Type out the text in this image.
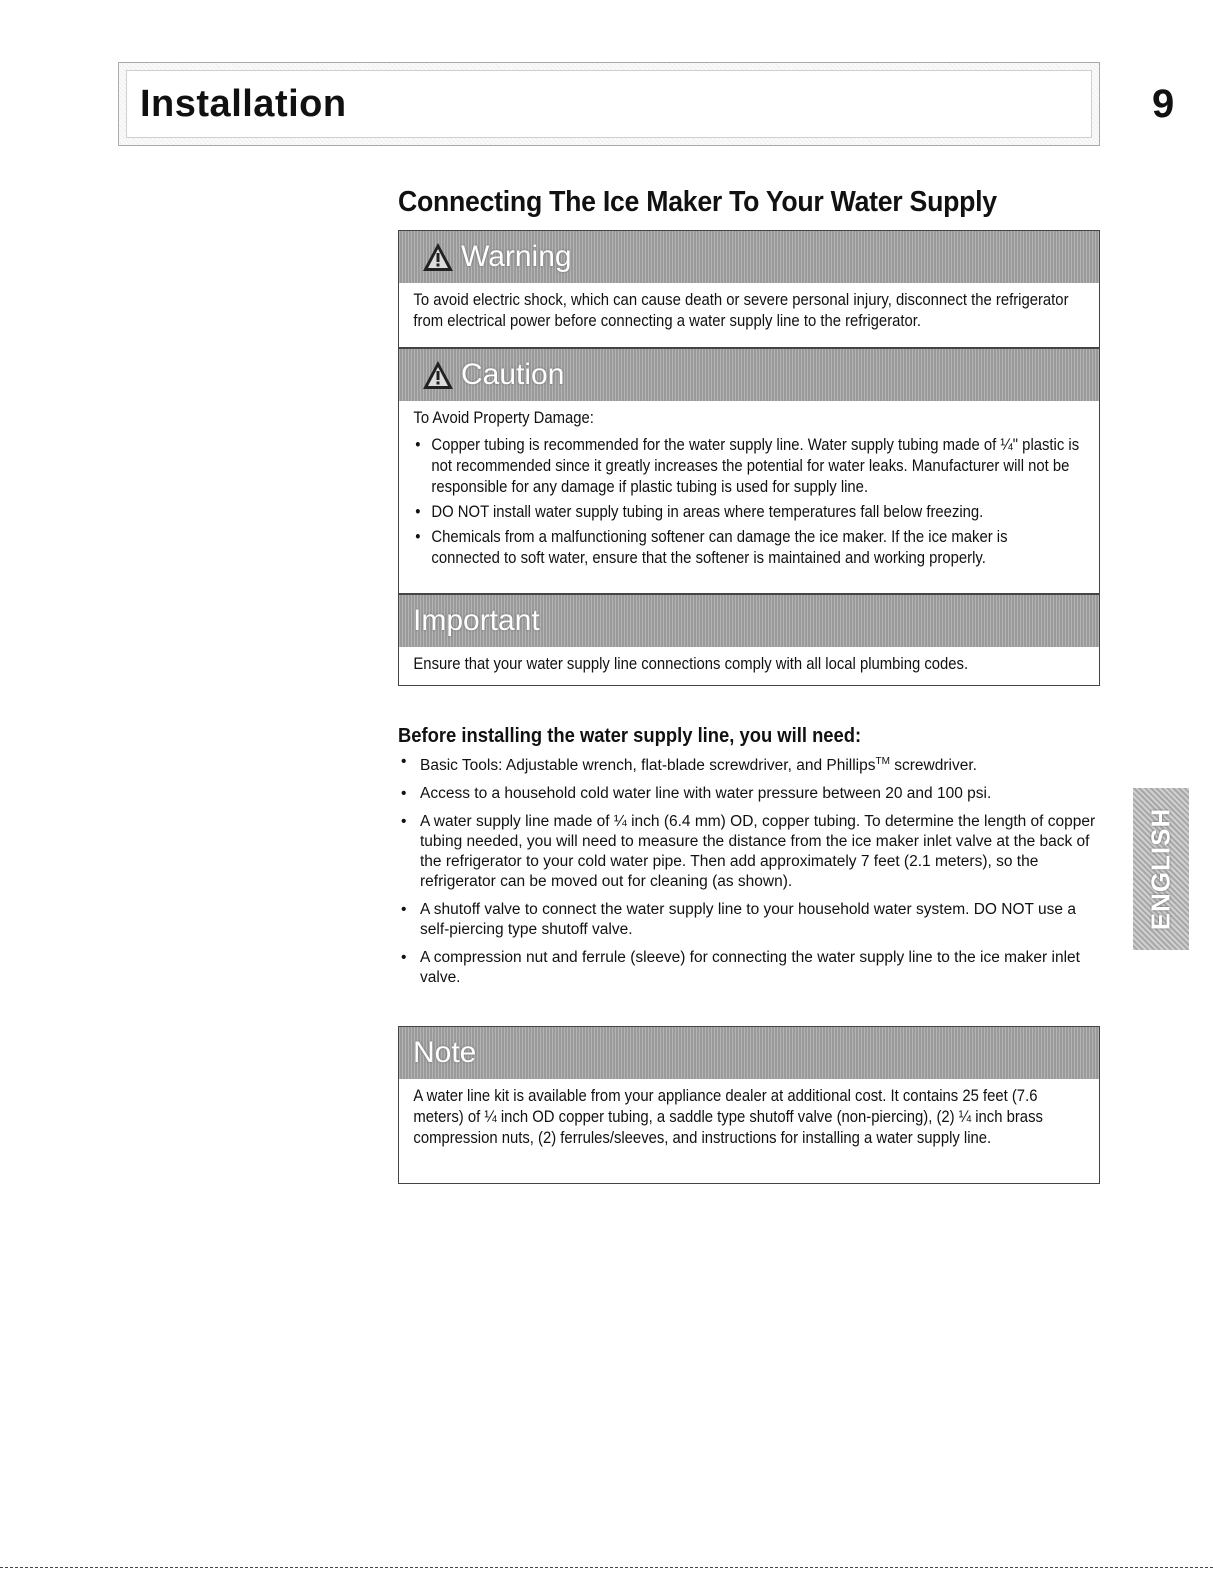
Installation	9
Connecting The Ice Maker To Your Water Supply
Warning

To avoid electric shock, which can cause death or severe personal injury, disconnect the refrigerator from electrical power before connecting a water supply line to the refrigerator.

Caution

To Avoid Property Damage:

• Copper tubing is recommended for the water supply line. Water supply tubing made of ¼" plastic is not recommended since it greatly increases the potential for water leaks. Manufacturer will not be responsible for any damage if plastic tubing is used for supply line.
• DO NOT install water supply tubing in areas where temperatures fall below freezing.
• Chemicals from a malfunctioning softener can damage the ice maker. If the ice maker is connected to soft water, ensure that the softener is maintained and working properly.
Important

Ensure that your water supply line connections comply with all local plumbing codes.

Before installing the water supply line, you will need:
• Basic Tools: Adjustable wrench, flat-blade screwdriver, and Phillips™ screwdriver.
• Access to a household cold water line with water pressure between 20 and 100 psi.
• A water supply line made of ¼ inch (6.4 mm) OD, copper tubing. To determine the length of copper tubing needed, you will need to measure the distance from the ice maker inlet valve at the back of the refrigerator to your cold water pipe. Then add approximately 7 feet (2.1 meters), so the refrigerator can be moved out for cleaning (as shown).
• A shutoff valve to connect the water supply line to your household water system. DO NOT use a self-piercing type shutoff valve.
• A compression nut and ferrule (sleeve) for connecting the water supply line to the ice maker inlet valve.
Note

A water line kit is available from your appliance dealer at additional cost. It contains 25 feet (7.6 meters) of ¼ inch OD copper tubing, a saddle type shutoff valve (non-piercing), (2) ¼ inch brass compression nuts, (2) ferrules/sleeves, and instructions for installing a water supply line.

ENGLISH
